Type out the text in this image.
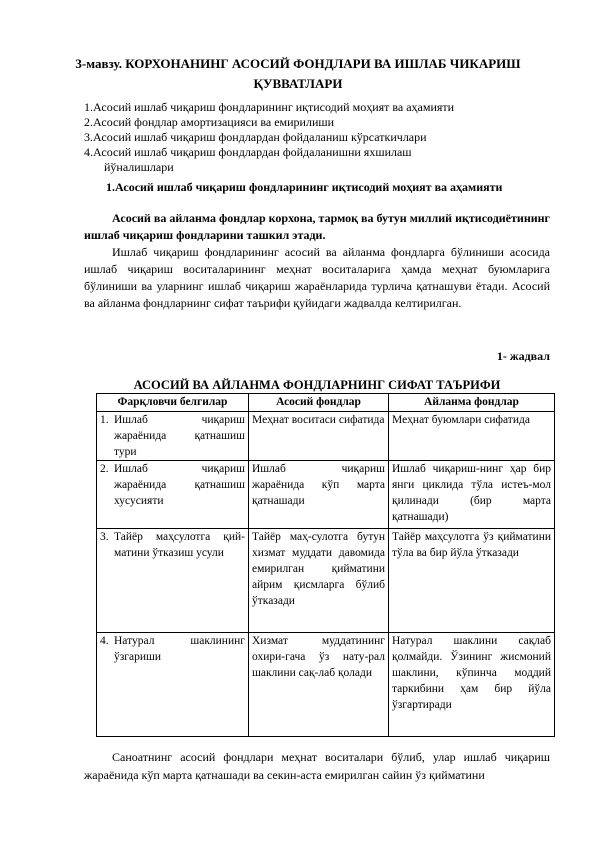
3-мавзу. КОРХОНАНИНГ АСОСИЙ ФОНДЛАРИ ВА ИШЛАБ ЧИКАРИШ
ҚУВВАТЛАРИ
1.Асосий ишлаб чиқариш фондларининг иқтисодий моҳият ва аҳамияти
2.Асосий фондлар амортизацияси ва емирилиши
3.Асосий ишлаб чиқариш фондлардан фойдаланиш кўрсаткичлари
4.Асосий ишлаб чиқариш фондлардан фойдаланишни яхшилаш
йўналишлари
1.Асосий ишлаб чиқариш фондларининг иқтисодий моҳият ва аҳамияти
Асосий ва айланма фондлар корхона, тармоқ ва бутун миллий иқтисодиётининг ишлаб чиқариш фондларини ташкил этади.
Ишлаб чиқариш фондларининг асосий ва айланма фондларга бўлиниши асосида ишлаб чиқариш воситаларининг меҳнат воситаларига ҳамда меҳнат буюмларига бўлиниши ва уларнинг ишлаб чиқариш жараёнларида турлича қатнашуви ётади. Асосий ва айланма фондларнинг сифат таърифи қуйидаги жадвалда келтирилган.
1- жадвал
АСОСИЙ ВА АЙЛАНМА ФОНДЛАРНИНГ СИФАТ ТАЪРИФИ
Фарқловчи белгилар	Асосий фондлар	Айланма фондлар

1. Ишлаб чиқариш жараёнида қатнашиш тури	Меҳнат воситаси сифатида	Меҳнат буюмлари сифатида

2. Ишлаб чиқариш жараёнида қатнашиш хусусияти	Ишлаб чиқариш жараёнида кўп марта қатнашади	Ишлаб чиқариш-нинг ҳар бир янги циклида тўла истеъ-мол қилинади (бир марта қатнашади)

3. Тайёр маҳсулотга қий-матини ўтказиш усули	Тайёр маҳ-сулотга бутун хизмат муддати давомида емирилган қийматини айрим қисмларга бўлиб ўтказади	Тайёр маҳсулотга ўз қийматини тўла ва бир йўла ўтказади

4. Натурал шаклининг ўзгариши	Хизмат муддатининг охири-гача ўз нату-рал шаклини сақ-лаб қолади	Натурал шаклини сақлаб қолмайди. Ўзининг жисмоний шаклини, кўпинча моддий таркибини ҳам бир йўла ўзгартиради
Саноатнинг асосий фондлари меҳнат воситалари бўлиб, улар ишлаб чиқариш жараёнида кўп марта қатнашади ва секин-аста емирилган сайин ўз қийматини
